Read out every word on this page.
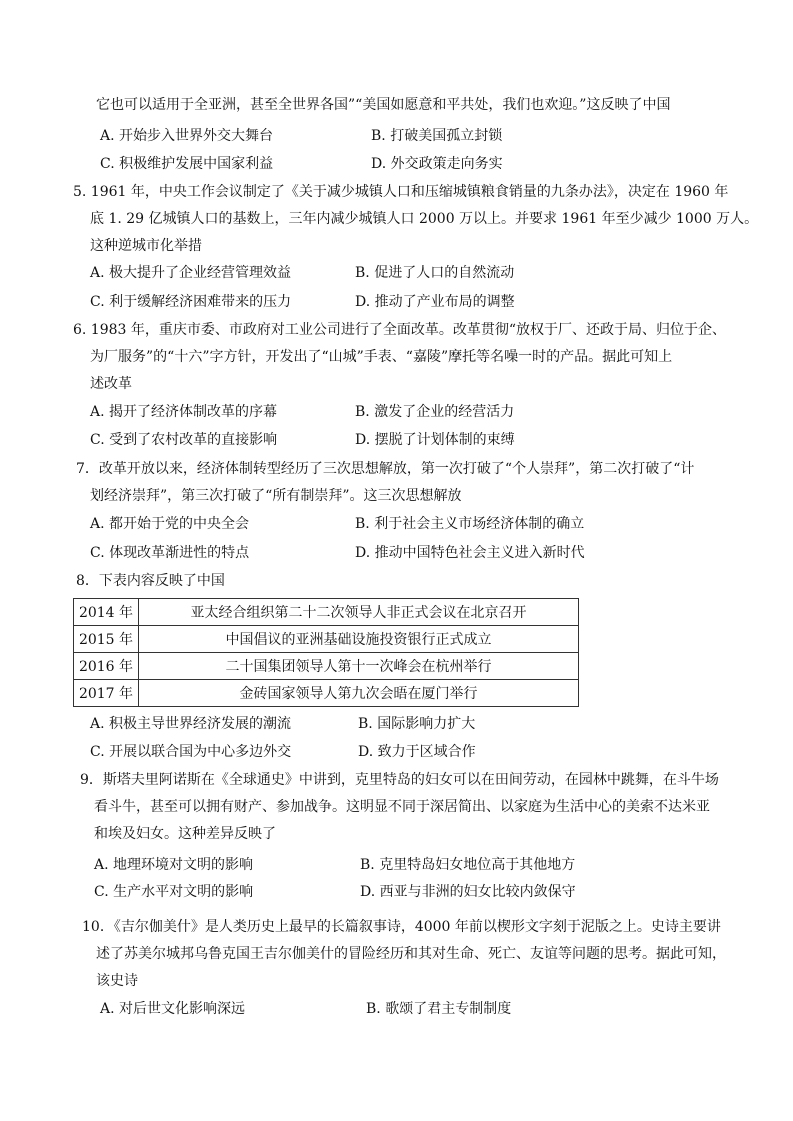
它也可以适用于全亚洲，甚至全世界各国”“美国如愿意和平共处，我们也欢迎。”这反映了中国
A. 开始步入世界外交大舞台	B. 打破美国孤立封锁
C. 积极维护发展中国家利益	D. 外交政策走向务实
5. 1961 年，中央工作会议制定了《关于减少城镇人口和压缩城镇粮食销量的九条办法》，决定在 1960 年
底 1. 29 亿城镇人口的基数上，三年内减少城镇人口 2000 万以上。并要求 1961 年至少减少 1000 万人。
这种逆城市化举措
A. 极大提升了企业经营管理效益	B. 促进了人口的自然流动
C. 利于缓解经济困难带来的压力	D. 推动了产业布局的调整
6. 1983 年，重庆市委、市政府对工业公司进行了全面改革。改革贯彻“放权于厂、还政于局、归位于企、
为厂服务”的“十六”字方针，开发出了“山城”手表、“嘉陵”摩托等名噪一时的产品。据此可知上
述改革
A. 揭开了经济体制改革的序幕	B. 激发了企业的经营活力
C. 受到了农村改革的直接影响	D. 摆脱了计划体制的束缚
7．改革开放以来，经济体制转型经历了三次思想解放，第一次打破了“个人崇拜”，第二次打破了“计
划经济崇拜”，第三次打破了“所有制崇拜”。这三次思想解放
A. 都开始于党的中央全会	B. 利于社会主义市场经济体制的确立
C. 体现改革渐进性的特点	D. 推动中国特色社会主义进入新时代
8．下表内容反映了中国
2014 年	亚太经合组织第二十二次领导人非正式会议在北京召开
2015 年	中国倡议的亚洲基础设施投资银行正式成立
2016 年	二十国集团领导人第十一次峰会在杭州举行
2017 年	金砖国家领导人第九次会晤在厦门举行
A. 积极主导世界经济发展的潮流	B. 国际影响力扩大
C. 开展以联合国为中心多边外交	D. 致力于区域合作
9．斯塔夫里阿诺斯在《全球通史》中讲到，克里特岛的妇女可以在田间劳动，在园林中跳舞，在斗牛场
看斗牛，甚至可以拥有财产、参加战争。这明显不同于深居简出、以家庭为生活中心的美索不达米亚
和埃及妇女。这种差异反映了
A. 地理环境对文明的影响	B. 克里特岛妇女地位高于其他地方
C. 生产水平对文明的影响	D. 西亚与非洲的妇女比较内敛保守
10．《吉尔伽美什》是人类历史上最早的长篇叙事诗，4000 年前以楔形文字刻于泥版之上。史诗主要讲
述了苏美尔城邦乌鲁克国王吉尔伽美什的冒险经历和其对生命、死亡、友谊等问题的思考。据此可知，
该史诗
A. 对后世文化影响深远	B. 歌颂了君主专制制度
